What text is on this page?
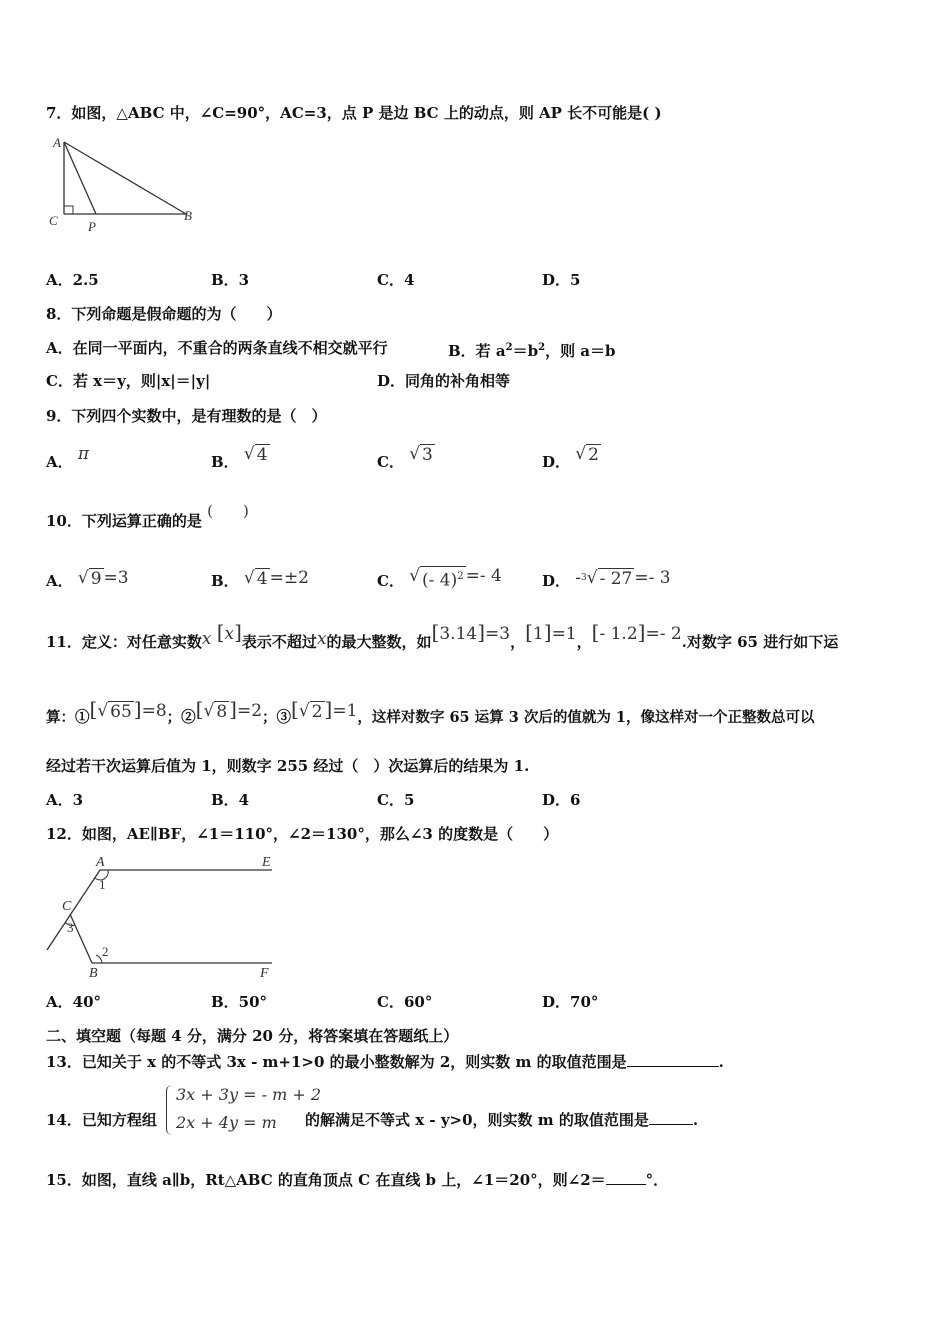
7．如图，△ABC 中，∠C=90°，AC=3，点 P 是边 BC 上的动点，则 AP 长不可能是( )
A
C P
B
A．2.5	B．3	C．4	D．5
8．下列命题是假命题的为（　　）
A．在同一平面内，不重合的两条直线不相交就平行	B．若 $a^2=b^2$，则 a＝b
C．若 x＝y，则|x|＝|y|	D．同角的补角相等
9．下列四个实数中，是有理数的是（　）
A． π	B． √ 4	C． √ 3	D． √ 2
10．下列运算正确的是 (　　)
A． √ 9 =3	B． √ 4 =±2	C． √ (- 4)$^2$ =- 4	D． - 3 √ - 27 =- 3
11．定义：对任意实数x [x]表示不超过x的最大整数，如[3.14]=3，[1]=1，[- 1.2]=- 2.对数字 65 进行如下运
算：①[ √ 65 ]=8；②[ √ 8 ]=2；③[ √ 2 ]=1，这样对数字 65 运算 3 次后的值就为 1，像这样对一个正整数总可以
经过若干次运算后值为 1，则数字 255 经过（　）次运算后的结果为 1.
A．3	B．4	C．5	D．6
12．如图，AE∥BF，∠1＝110°，∠2＝130°，那么∠3 的度数是（　　）
A	E
C
B	F
1
2
3
A．40°	B．50°	C．60°	D．70°
二、填空题（每题 4 分，满分 20 分，将答案填在答题纸上）
13．已知关于 x 的不等式 3x - m+1>0 的最小整数解为 2，则实数 m 的取值范围是	.
14．已知方程组
3x + 3y = - m + 2
2x + 4y = m 的解满足不等式 x - y>0，则实数 m 的取值范围是	.
15．如图，直线 a∥b，Rt△ABC 的直角顶点 C 在直线 b 上，∠1＝20°，则∠2＝	°．
